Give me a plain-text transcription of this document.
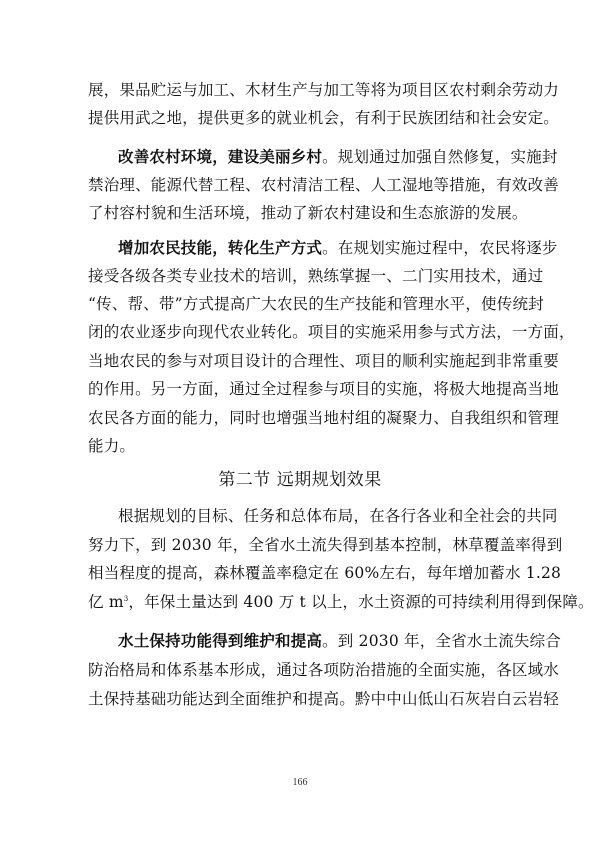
展，果品贮运与加工、木材生产与加工等将为项目区农村剩余劳动力
提供用武之地，提供更多的就业机会，有利于民族团结和社会安定。
改善农村环境，建设美丽乡村。规划通过加强自然修复，实施封
禁治理、能源代替工程、农村清洁工程、人工湿地等措施，有效改善
了村容村貌和生活环境，推动了新农村建设和生态旅游的发展。
增加农民技能，转化生产方式。在规划实施过程中，农民将逐步
接受各级各类专业技术的培训，熟练掌握一、二门实用技术，通过
“传、帮、带”方式提高广大农民的生产技能和管理水平，使传统封
闭的农业逐步向现代农业转化。项目的实施采用参与式方法，一方面，
当地农民的参与对项目设计的合理性、项目的顺利实施起到非常重要
的作用。另一方面，通过全过程参与项目的实施，将极大地提高当地
农民各方面的能力，同时也增强当地村组的凝聚力、自我组织和管理
能力。
第二节 远期规划效果
根据规划的目标、任务和总体布局，在各行各业和全社会的共同
努力下，到 2030 年，全省水土流失得到基本控制，林草覆盖率得到
相当程度的提高，森林覆盖率稳定在 60%左右，每年增加蓄水 1.28
亿 $m^3$，年保土量达到 400 万 t 以上，水土资源的可持续利用得到保障。
水土保持功能得到维护和提高。到 2030 年，全省水土流失综合
防治格局和体系基本形成，通过各项防治措施的全面实施，各区域水
土保持基础功能达到全面维护和提高。黔中中山低山石灰岩白云岩轻
166
